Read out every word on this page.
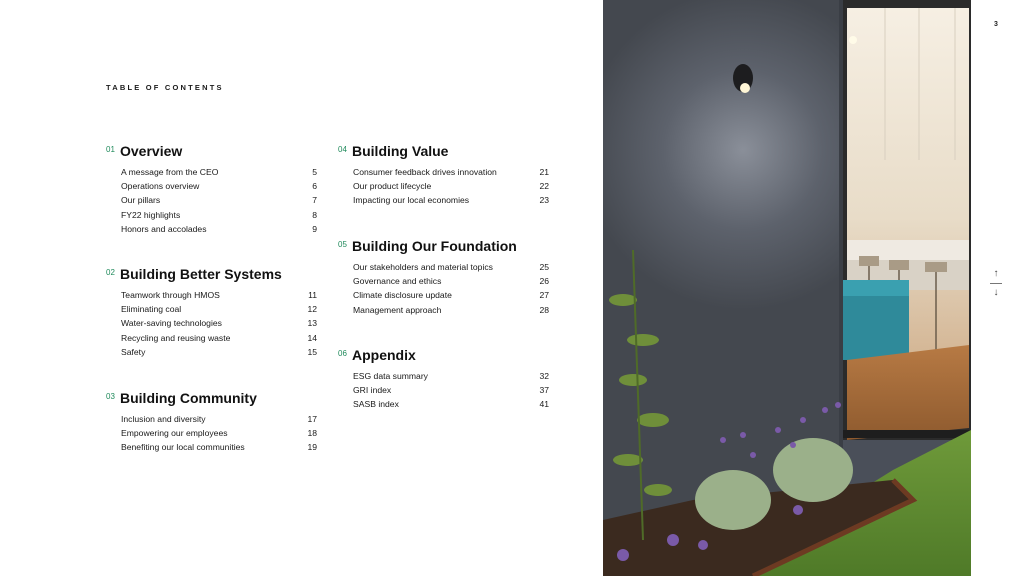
TABLE OF CONTENTS
01 Overview
A message from the CEO	5
Operations overview	6
Our pillars	7
FY22 highlights	8
Honors and accolades	9
02 Building Better Systems
Teamwork through HMOS	11
Eliminating coal	12
Water-saving technologies	13
Recycling and reusing waste	14
Safety	15
03 Building Community
Inclusion and diversity	17
Empowering our employees	18
Benefiting our local communities	19
04 Building Value
Consumer feedback drives innovation	21
Our product lifecycle	22
Impacting our local economies	23
05 Building Our Foundation
Our stakeholders and material topics	25
Governance and ethics	26
Climate disclosure update	27
Management approach	28
06 Appendix
ESG data summary	32
GRI index	37
SASB index	41
3
↑
↓
